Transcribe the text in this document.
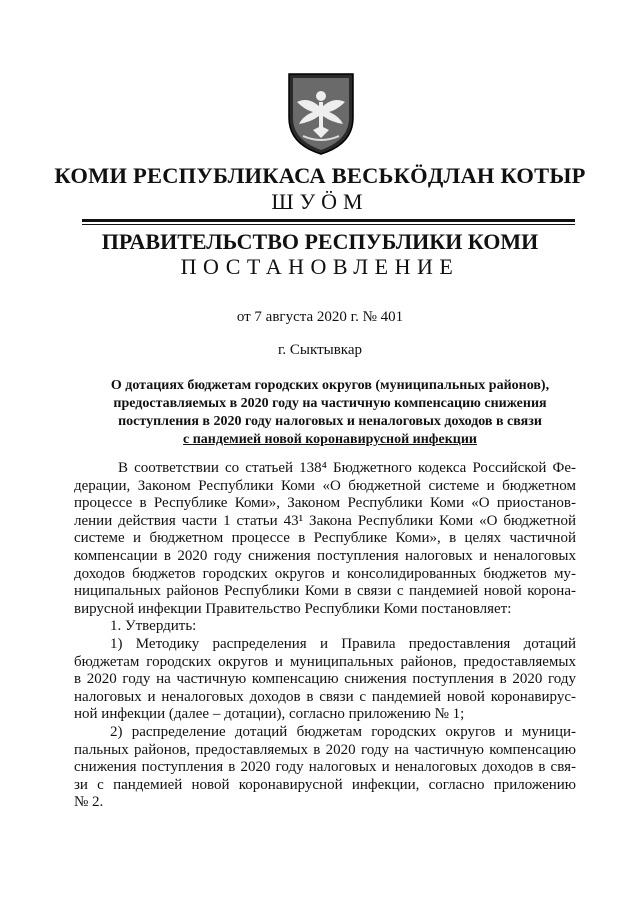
КОМИ РЕСПУБЛИКАСА ВЕСЬКÖДЛАН КОТЫР
ШУÖМ
ПРАВИТЕЛЬСТВО РЕСПУБЛИКИ КОМИ
ПОСТАНОВЛЕНИЕ
от 7 августа 2020 г. № 401
г. Сыктывкар
О дотациях бюджетам городских округов (муниципальных районов),
предоставляемых в 2020 году на частичную компенсацию снижения
поступления в 2020 году налоговых и неналоговых доходов в связи
с пандемией новой коронавирусной инфекции
В соответствии со статьей 138⁴ Бюджетного кодекса Российской Фе-
дерации, Законом Республики Коми «О бюджетной системе и бюджетном
процессе в Республике Коми», Законом Республики Коми «О приостанов-
лении действия части 1 статьи 43¹ Закона Республики Коми «О бюджетной
системе и бюджетном процессе в Республике Коми», в целях частичной
компенсации в 2020 году снижения поступления налоговых и неналоговых
доходов бюджетов городских округов и консолидированных бюджетов му-
ниципальных районов Республики Коми в связи с пандемией новой корона-
вирусной инфекции Правительство Республики Коми постановляет:
1. Утвердить:
1) Методику распределения и Правила предоставления дотаций
бюджетам городских округов и муниципальных районов, предоставляемых
в 2020 году на частичную компенсацию снижения поступления в 2020 году
налоговых и неналоговых доходов в связи с пандемией новой коронавирус-
ной инфекции (далее – дотации), согласно приложению № 1;
2) распределение дотаций бюджетам городских округов и муници-
пальных районов, предоставляемых в 2020 году на частичную компенсацию
снижения поступления в 2020 году налоговых и неналоговых доходов в свя-
зи с пандемией новой коронавирусной инфекции, согласно приложению
№ 2.
